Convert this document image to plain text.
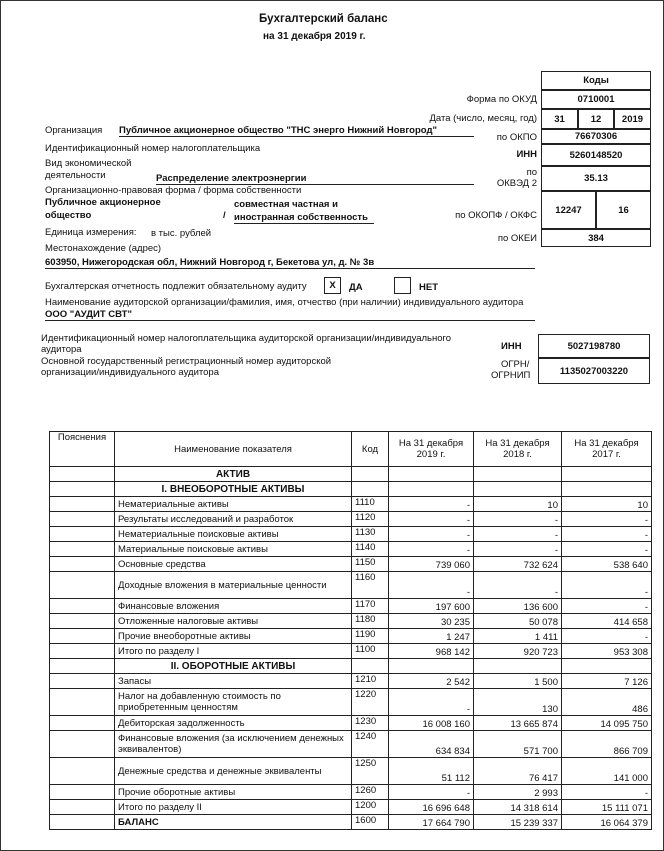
Бухгалтерский баланс
на 31 декабря 2019 г.
Коды
Форма по ОКУД	0710001
Дата (число, месяц, год)	31	12	2019
по ОКПО	76670306
ИНН	5260148520
по
ОКВЭД 2	35.13
по ОКОПФ / ОКФС	12247	16
по ОКЕИ	384
Организация Публичное акционерное общество "ТНС энерго Нижний Новгород"
Идентификационный номер налогоплательщика
Вид экономической
деятельности	Распределение электроэнергии
Организационно-правовая форма / форма собственности
Публичное акционерное
общество	/
совместная частная и
иностранная собственность
Единица измерения: в тыс. рублей
Местонахождение (адрес)
603950, Нижегородская обл, Нижний Новгород г, Бекетова ул, д. № 3в
Бухгалтерская отчетность подлежит обязательному аудиту	X	ДА	НЕТ
Наименование аудиторской организации/фамилия, имя, отчество (при наличии) индивидуального аудитора
ООО "АУДИТ СВТ"
Идентификационный номер налогоплательщика аудиторской организации/индивидуального
аудитора	ИНН	5027198780
Основной государственный регистрационный номер аудиторской
организации/индивидуального аудитора
ОГРН/
ОГРНИП	1135027003220
Пояснения	Наименование показателя	Код	На 31 декабря 2019 г.	На 31 декабря 2018 г.	На 31 декабря 2017 г.
	АКТИВ				
	I. ВНЕОБОРОТНЫЕ АКТИВЫ				
	Нематериальные активы	1110	-	10	10
	Результаты исследований и разработок	1120	-	-	-
	Нематериальные поисковые активы	1130	-	-	-
	Материальные поисковые активы	1140	-	-	-
	Основные средства	1150	739 060	732 624	538 640
	Доходные вложения в материальные ценности	1160	-	-	-
	Финансовые вложения	1170	197 600	136 600	-
	Отложенные налоговые активы	1180	30 235	50 078	414 658
	Прочие внеоборотные активы	1190	1 247	1 411	-
	Итого по разделу I	1100	968 142	920 723	953 308
	II. ОБОРОТНЫЕ АКТИВЫ				
	Запасы	1210	2 542	1 500	7 126
	Налог на добавленную стоимость по приобретенным ценностям	1220	-	130	486
	Дебиторская задолженность	1230	16 008 160	13 665 874	14 095 750
	Финансовые вложения (за исключением денежных эквивалентов)	1240	634 834	571 700	866 709
	Денежные средства и денежные эквиваленты	1250	51 112	76 417	141 000
	Прочие оборотные активы	1260	-	2 993	-
	Итого по разделу II	1200	16 696 648	14 318 614	15 111 071
	БАЛАНС	1600	17 664 790	15 239 337	16 064 379
